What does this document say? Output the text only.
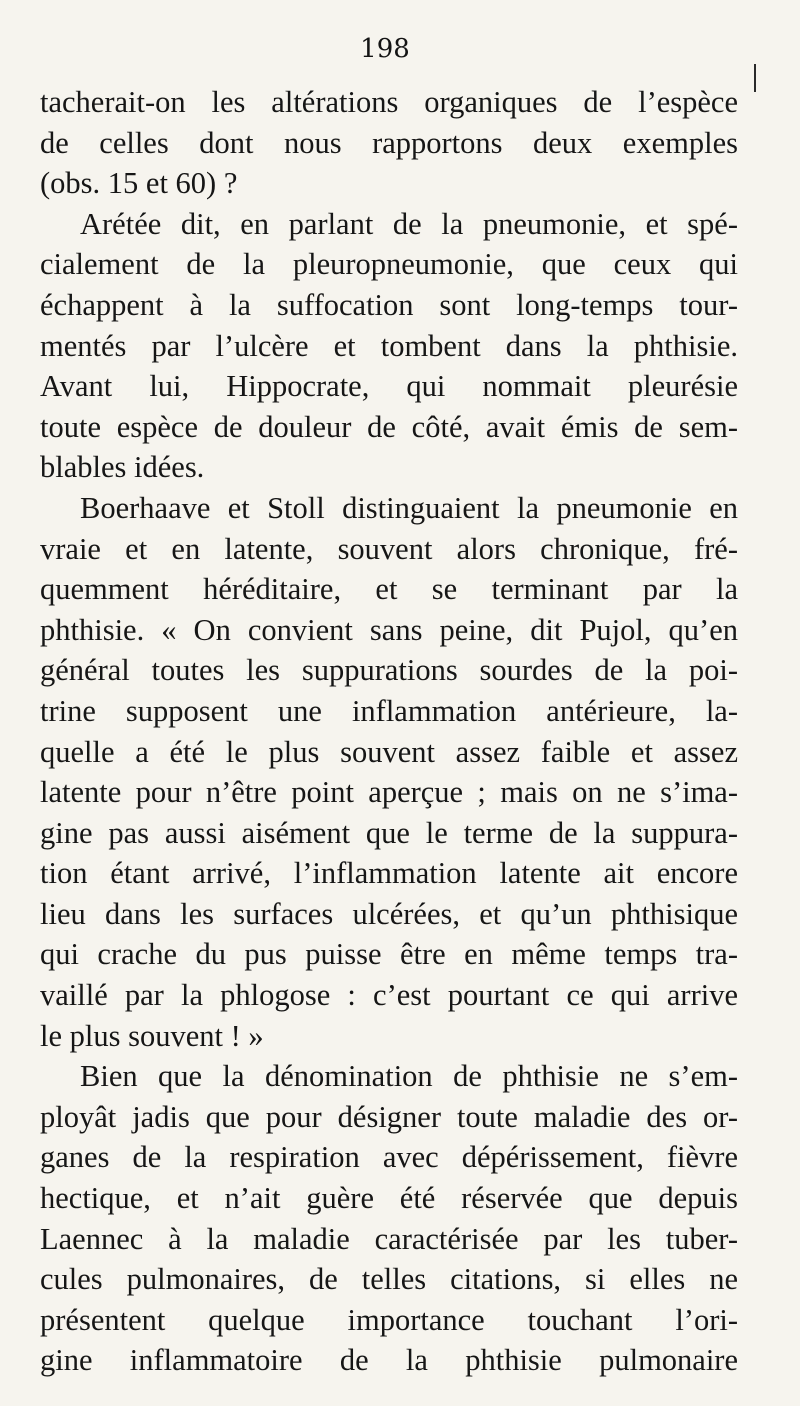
198

tacherait-on les altérations organiques de l’espèce

de celles dont nous rapportons deux exemples

(obs. 15 et 60) ?

Arétée dit, en parlant de la pneumonie, et spé-

cialement de la pleuropneumonie, que ceux qui

échappent à la suffocation sont long-temps tour-

mentés par l’ulcère et tombent dans la phthisie.

Avant lui, Hippocrate, qui nommait pleurésie

toute espèce de douleur de côté, avait émis de sem-

blables idées.

Boerhaave et Stoll distinguaient la pneumonie en

vraie et en latente, souvent alors chronique, fré-

quemment héréditaire, et se terminant par la

phthisie. « On convient sans peine, dit Pujol, qu’en

général toutes les suppurations sourdes de la poi-

trine supposent une inflammation antérieure, la-

quelle a été le plus souvent assez faible et assez

latente pour n’être point aperçue ; mais on ne s’ima-

gine pas aussi aisément que le terme de la suppura-

tion étant arrivé, l’inflammation latente ait encore

lieu dans les surfaces ulcérées, et qu’un phthisique

qui crache du pus puisse être en même temps tra-

vaillé par la phlogose : c’est pourtant ce qui arrive

le plus souvent ! »

Bien que la dénomination de phthisie ne s’em-

ployât jadis que pour désigner toute maladie des or-

ganes de la respiration avec dépérissement, fièvre

hectique, et n’ait guère été réservée que depuis

Laennec à la maladie caractérisée par les tuber-

cules pulmonaires, de telles citations, si elles ne

présentent quelque importance touchant l’ori-

gine inflammatoire de la phthisie pulmonaire
